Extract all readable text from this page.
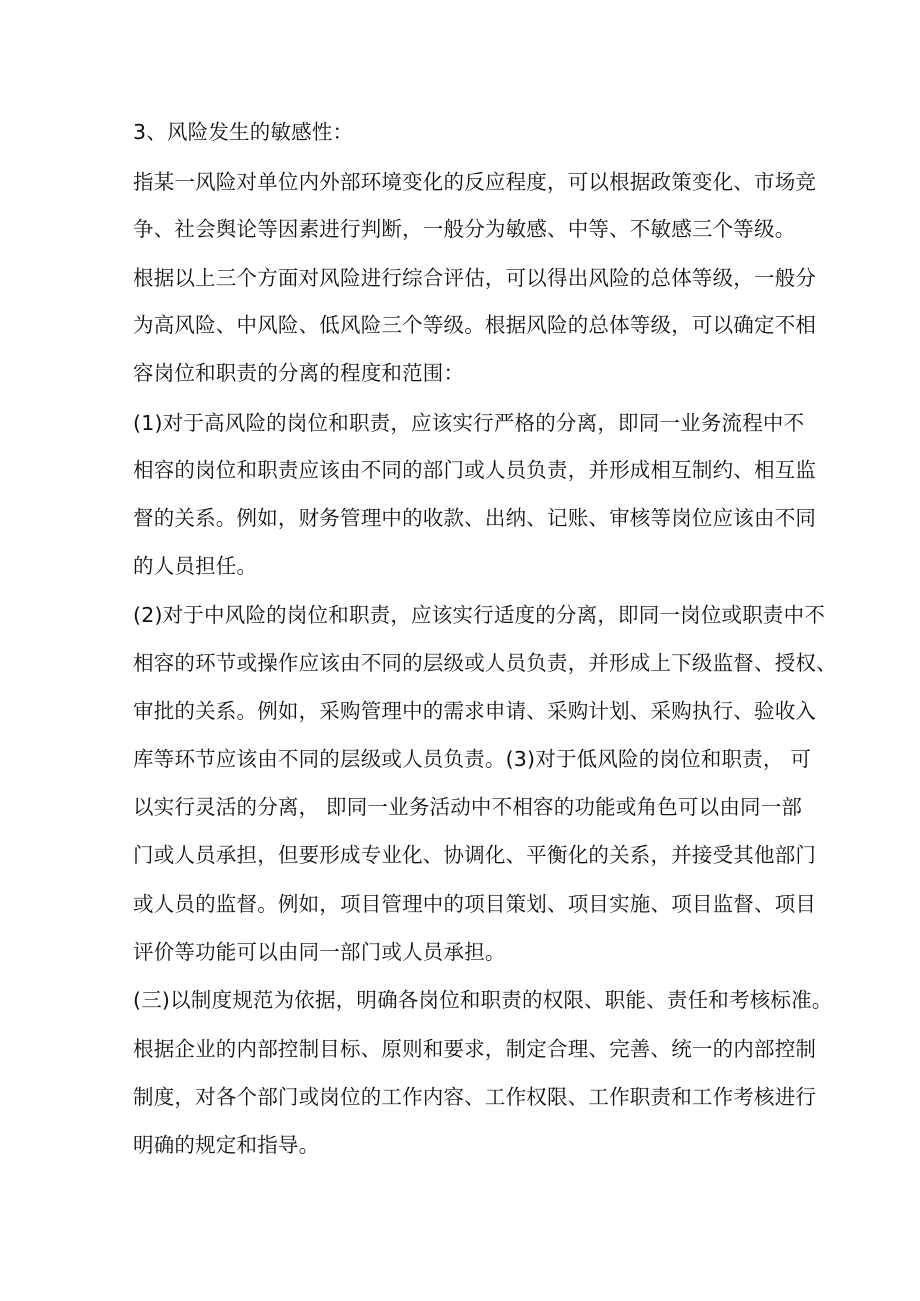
3、风险发生的敏感性：
指某一风险对单位内外部环境变化的反应程度，可以根据政策变化、市场竞
争、社会舆论等因素进行判断，一般分为敏感、中等、不敏感三个等级。
根据以上三个方面对风险进行综合评估，可以得出风险的总体等级，一般分
为高风险、中风险、低风险三个等级。根据风险的总体等级，可以确定不相
容岗位和职责的分离的程度和范围：
(1)对于高风险的岗位和职责，应该实行严格的分离，即同一业务流程中不
相容的岗位和职责应该由不同的部门或人员负责，并形成相互制约、相互监
督的关系。例如，财务管理中的收款、出纳、记账、审核等岗位应该由不同
的人员担任。
(2)对于中风险的岗位和职责，应该实行适度的分离，即同一岗位或职责中不
相容的环节或操作应该由不同的层级或人员负责，并形成上下级监督、授权、
审批的关系。例如，采购管理中的需求申请、采购计划、采购执行、验收入
库等环节应该由不同的层级或人员负责。(3)对于低风险的岗位和职责， 可
以实行灵活的分离， 即同一业务活动中不相容的功能或角色可以由同一部
门或人员承担，但要形成专业化、协调化、平衡化的关系，并接受其他部门
或人员的监督。例如，项目管理中的项目策划、项目实施、项目监督、项目
评价等功能可以由同一部门或人员承担。
(三)以制度规范为依据，明确各岗位和职责的权限、职能、责任和考核标准。
根据企业的内部控制目标、原则和要求，制定合理、完善、统一的内部控制
制度，对各个部门或岗位的工作内容、工作权限、工作职责和工作考核进行
明确的规定和指导。
